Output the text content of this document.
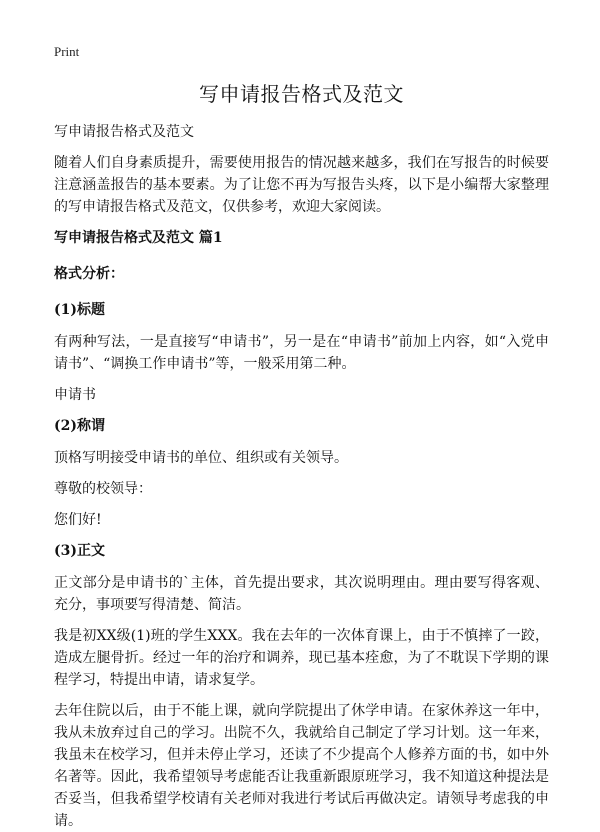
Print
写申请报告格式及范文

写申请报告格式及范文

随着人们自身素质提升，需要使用报告的情况越来越多，我们在写报告的时候要注意涵盖报告的基本要素。为了让您不再为写报告头疼，以下是小编帮大家整理的写申请报告格式及范文，仅供参考，欢迎大家阅读。

写申请报告格式及范文 篇1

格式分析：

(1)标题

有两种写法，一是直接写“申请书”，另一是在“申请书”前加上内容，如“入党申请书”、“调换工作申请书”等，一般采用第二种。

申请书

(2)称谓

顶格写明接受申请书的单位、组织或有关领导。

尊敬的校领导：

您们好!

(3)正文

正文部分是申请书的`主体，首先提出要求，其次说明理由。理由要写得客观、充分，事项要写得清楚、简洁。

我是初XX级(1)班的学生XXX。我在去年的一次体育课上，由于不慎摔了一跤，造成左腿骨折。经过一年的治疗和调养，现已基本痊愈，为了不耽误下学期的课程学习，特提出申请，请求复学。

去年住院以后，由于不能上课，就向学院提出了休学申请。在家休养这一年中，我从未放弃过自己的学习。出院不久，我就给自己制定了学习计划。这一年来，我虽未在校学习，但并未停止学习，还读了不少提高个人修养方面的书，如中外名著等。因此，我希望领导考虑能否让我重新跟原班学习，我不知道这种提法是否妥当，但我希望学校请有关老师对我进行考试后再做决定。请领导考虑我的申请。
